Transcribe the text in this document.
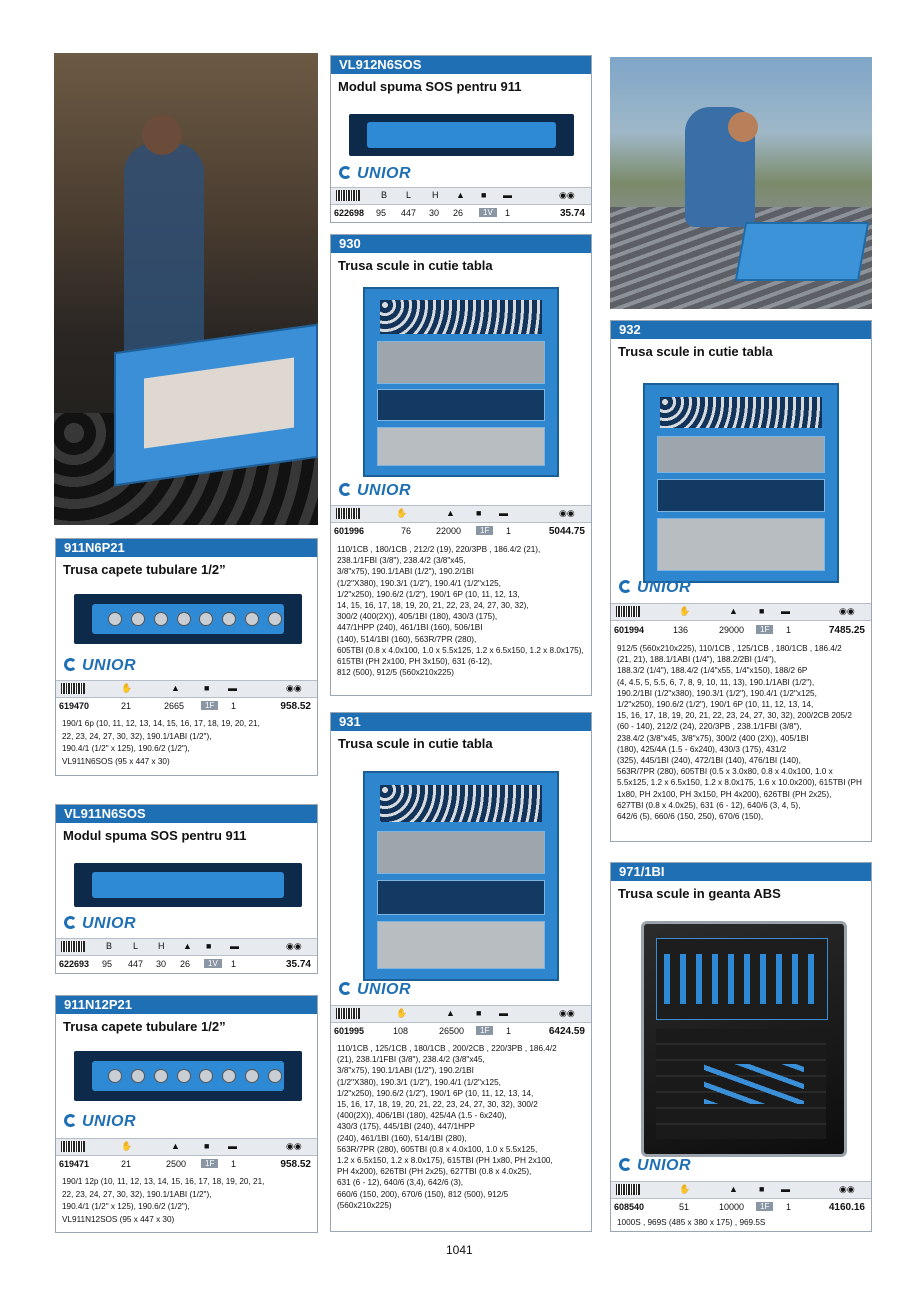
VL912N6SOS
Modul spuma SOS pentru 911
UNIOR
B L H ▲ ■ ▬	◉◉
622698 95 447 30 26	1V	1	35.74
930
Trusa scule in cutie tabla
UNIOR
✋	▲ ■ ▬	◉◉
601996	76	22000	1F	1	5044.75
110/1CB , 180/1CB , 212/2 (19), 220/3PB , 186.4/2 (21),
238.1/1FBI (3/8"), 238.4/2 (3/8"x45,
3/8"x75), 190.1/1ABI (1/2"), 190.2/1BI
(1/2"X380), 190.3/1 (1/2"), 190.4/1 (1/2"x125,
1/2"x250), 190.6/2 (1/2"), 190/1 6P (10, 11, 12, 13,
14, 15, 16, 17, 18, 19, 20, 21, 22, 23, 24, 27, 30, 32),
300/2 (400(2X)), 405/1BI (180), 430/3 (175),
447/1HPP (240), 461/1BI (160), 506/1BI
(140), 514/1BI (160), 563R/7PR (280),
605TBI (0.8 x 4.0x100, 1.0 x 5.5x125, 1.2 x 6.5x150, 1.2 x 8.0x175),
615TBI (PH 2x100, PH 3x150), 631 (6-12),
812 (500), 912/5 (560x210x225)
931
Trusa scule in cutie tabla
UNIOR
✋	▲ ■ ▬	◉◉
601995	108	26500	1F	1	6424.59
110/1CB , 125/1CB , 180/1CB , 200/2CB , 220/3PB , 186.4/2
(21), 238.1/1FBI (3/8"), 238.4/2 (3/8"x45,
3/8"x75), 190.1/1ABI (1/2"), 190.2/1BI
(1/2"X380), 190.3/1 (1/2"), 190.4/1 (1/2"x125,
1/2"x250), 190.6/2 (1/2"), 190/1 6P (10, 11, 12, 13, 14,
15, 16, 17, 18, 19, 20, 21, 22, 23, 24, 27, 30, 32), 300/2
(400(2X)), 406/1BI (180), 425/4A (1.5 - 6x240),
430/3 (175), 445/1BI (240), 447/1HPP
(240), 461/1BI (160), 514/1BI (280),
563R/7PR (280), 605TBI (0.8 x 4.0x100, 1.0 x 5.5x125,
1.2 x 6.5x150, 1.2 x 8.0x175), 615TBI (PH 1x80, PH 2x100,
PH 4x200), 626TBI (PH 2x25), 627TBI (0.8 x 4.0x25),
631 (6 - 12), 640/6 (3,4), 642/6 (3),
660/6 (150, 200), 670/6 (150), 812 (500), 912/5
(560x210x225)
932
Trusa scule in cutie tabla
UNIOR
✋	▲ ■ ▬	◉◉
601994	136	29000	1F	1	7485.25
912/5 (560x210x225), 110/1CB , 125/1CB , 180/1CB , 186.4/2
(21, 21), 188.1/1ABI (1/4"), 188.2/2BI (1/4"),
188.3/2 (1/4"), 188.4/2 (1/4"x55, 1/4"x150), 188/2 6P
(4, 4.5, 5, 5.5, 6, 7, 8, 9, 10, 11, 13), 190.1/1ABI (1/2"),
190.2/1BI (1/2"x380), 190.3/1 (1/2"), 190.4/1 (1/2"x125,
1/2"x250), 190.6/2 (1/2"), 190/1 6P (10, 11, 12, 13, 14,
15, 16, 17, 18, 19, 20, 21, 22, 23, 24, 27, 30, 32), 200/2CB 205/2
(60 - 140), 212/2 (24), 220/3PB , 238.1/1FBI (3/8"),
238.4/2 (3/8"x45, 3/8"x75), 300/2 (400 (2X)), 405/1BI
(180), 425/4A (1.5 - 6x240), 430/3 (175), 431/2
(325), 445/1BI (240), 472/1BI (140), 476/1BI (140),
563R/7PR (280), 605TBI (0.5 x 3.0x80, 0.8 x 4.0x100, 1.0 x
5.5x125, 1.2 x 6.5x150, 1.2 x 8.0x175, 1.6 x 10.0x200), 615TBI (PH
1x80, PH 2x100, PH 3x150, PH 4x200), 626TBI (PH 2x25),
627TBI (0.8 x 4.0x25), 631 (6 - 12), 640/6 (3, 4, 5),
642/6 (5), 660/6 (150, 250), 670/6 (150),
911N6P21
Trusa capete tubulare 1/2”
UNIOR
✋	▲	■ ▬	◉◉
619470	21	2665	1F	1	958.52
190/1 6p (10, 11, 12, 13, 14, 15, 16, 17, 18, 19, 20, 21,
22, 23, 24, 27, 30, 32), 190.1/1ABI (1/2"),
190.4/1 (1/2" x 125), 190.6/2 (1/2"),
VL911N6SOS (95 x 447 x 30)
VL911N6SOS
Modul spuma SOS pentru 911
UNIOR
B L H ▲ ■ ▬	◉◉
622693 95 447 30 26	1V	1	35.74
911N12P21
Trusa capete tubulare 1/2”
UNIOR
✋	▲	■ ▬	◉◉
619471	21	2500	1F	1	958.52
190/1 12p (10, 11, 12, 13, 14, 15, 16, 17, 18, 19, 20, 21,
22, 23, 24, 27, 30, 32), 190.1/1ABI (1/2"),
190.4/1 (1/2" x 125), 190.6/2 (1/2"),
VL911N12SOS (95 x 447 x 30)
971/1BI
Trusa scule in geanta ABS
UNIOR
✋	▲ ■ ▬	◉◉
608540	51	10000	1F	1	4160.16
1000S , 969S (485 x 380 x 175) , 969.5S
1041
